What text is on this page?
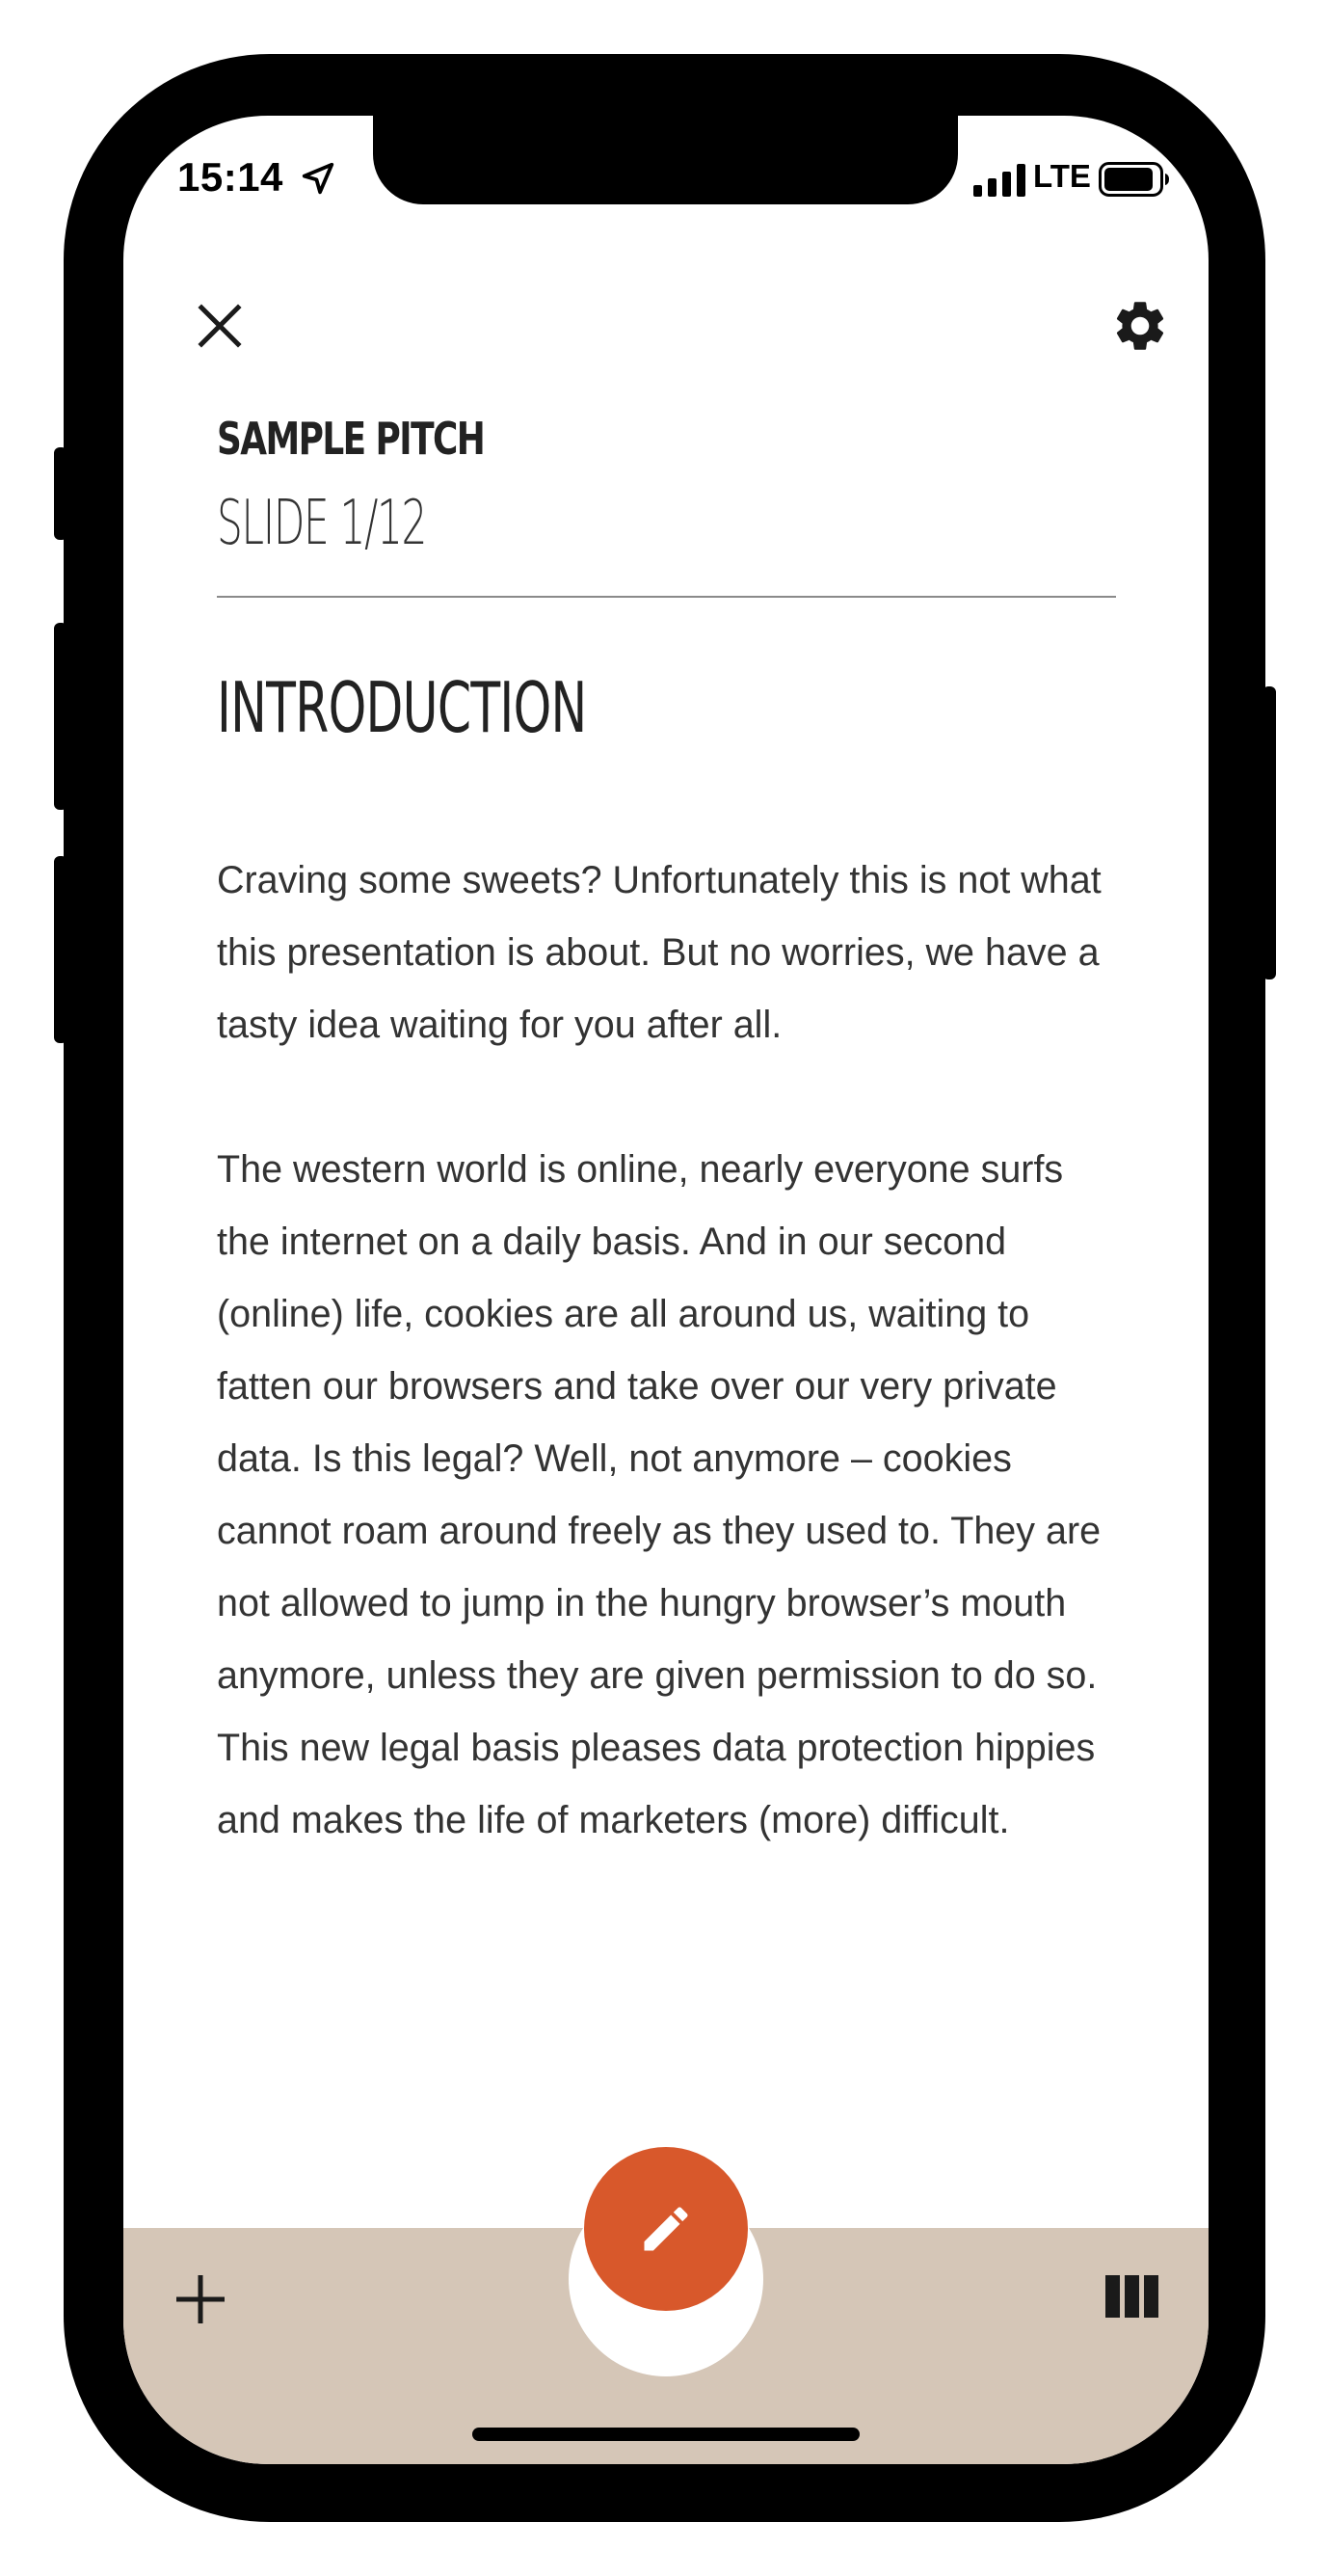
15:14	LTE
SAMPLE PITCH
SLIDE 1/12
INTRODUCTION

Craving some sweets? Unfortunately this is not what this presentation is about. But no worries, we have a tasty idea waiting for you after all.

The western world is online, nearly everyone surfs the internet on a daily basis. And in our second (online) life, cookies are all around us, waiting to fatten our browsers and take over our very private data. Is this legal? Well, not anymore – cookies cannot roam around freely as they used to. They are not allowed to jump in the hungry browser’s mouth anymore, unless they are given permission to do so. This new legal basis pleases data protection hippies and makes the life of marketers (more) difficult.
